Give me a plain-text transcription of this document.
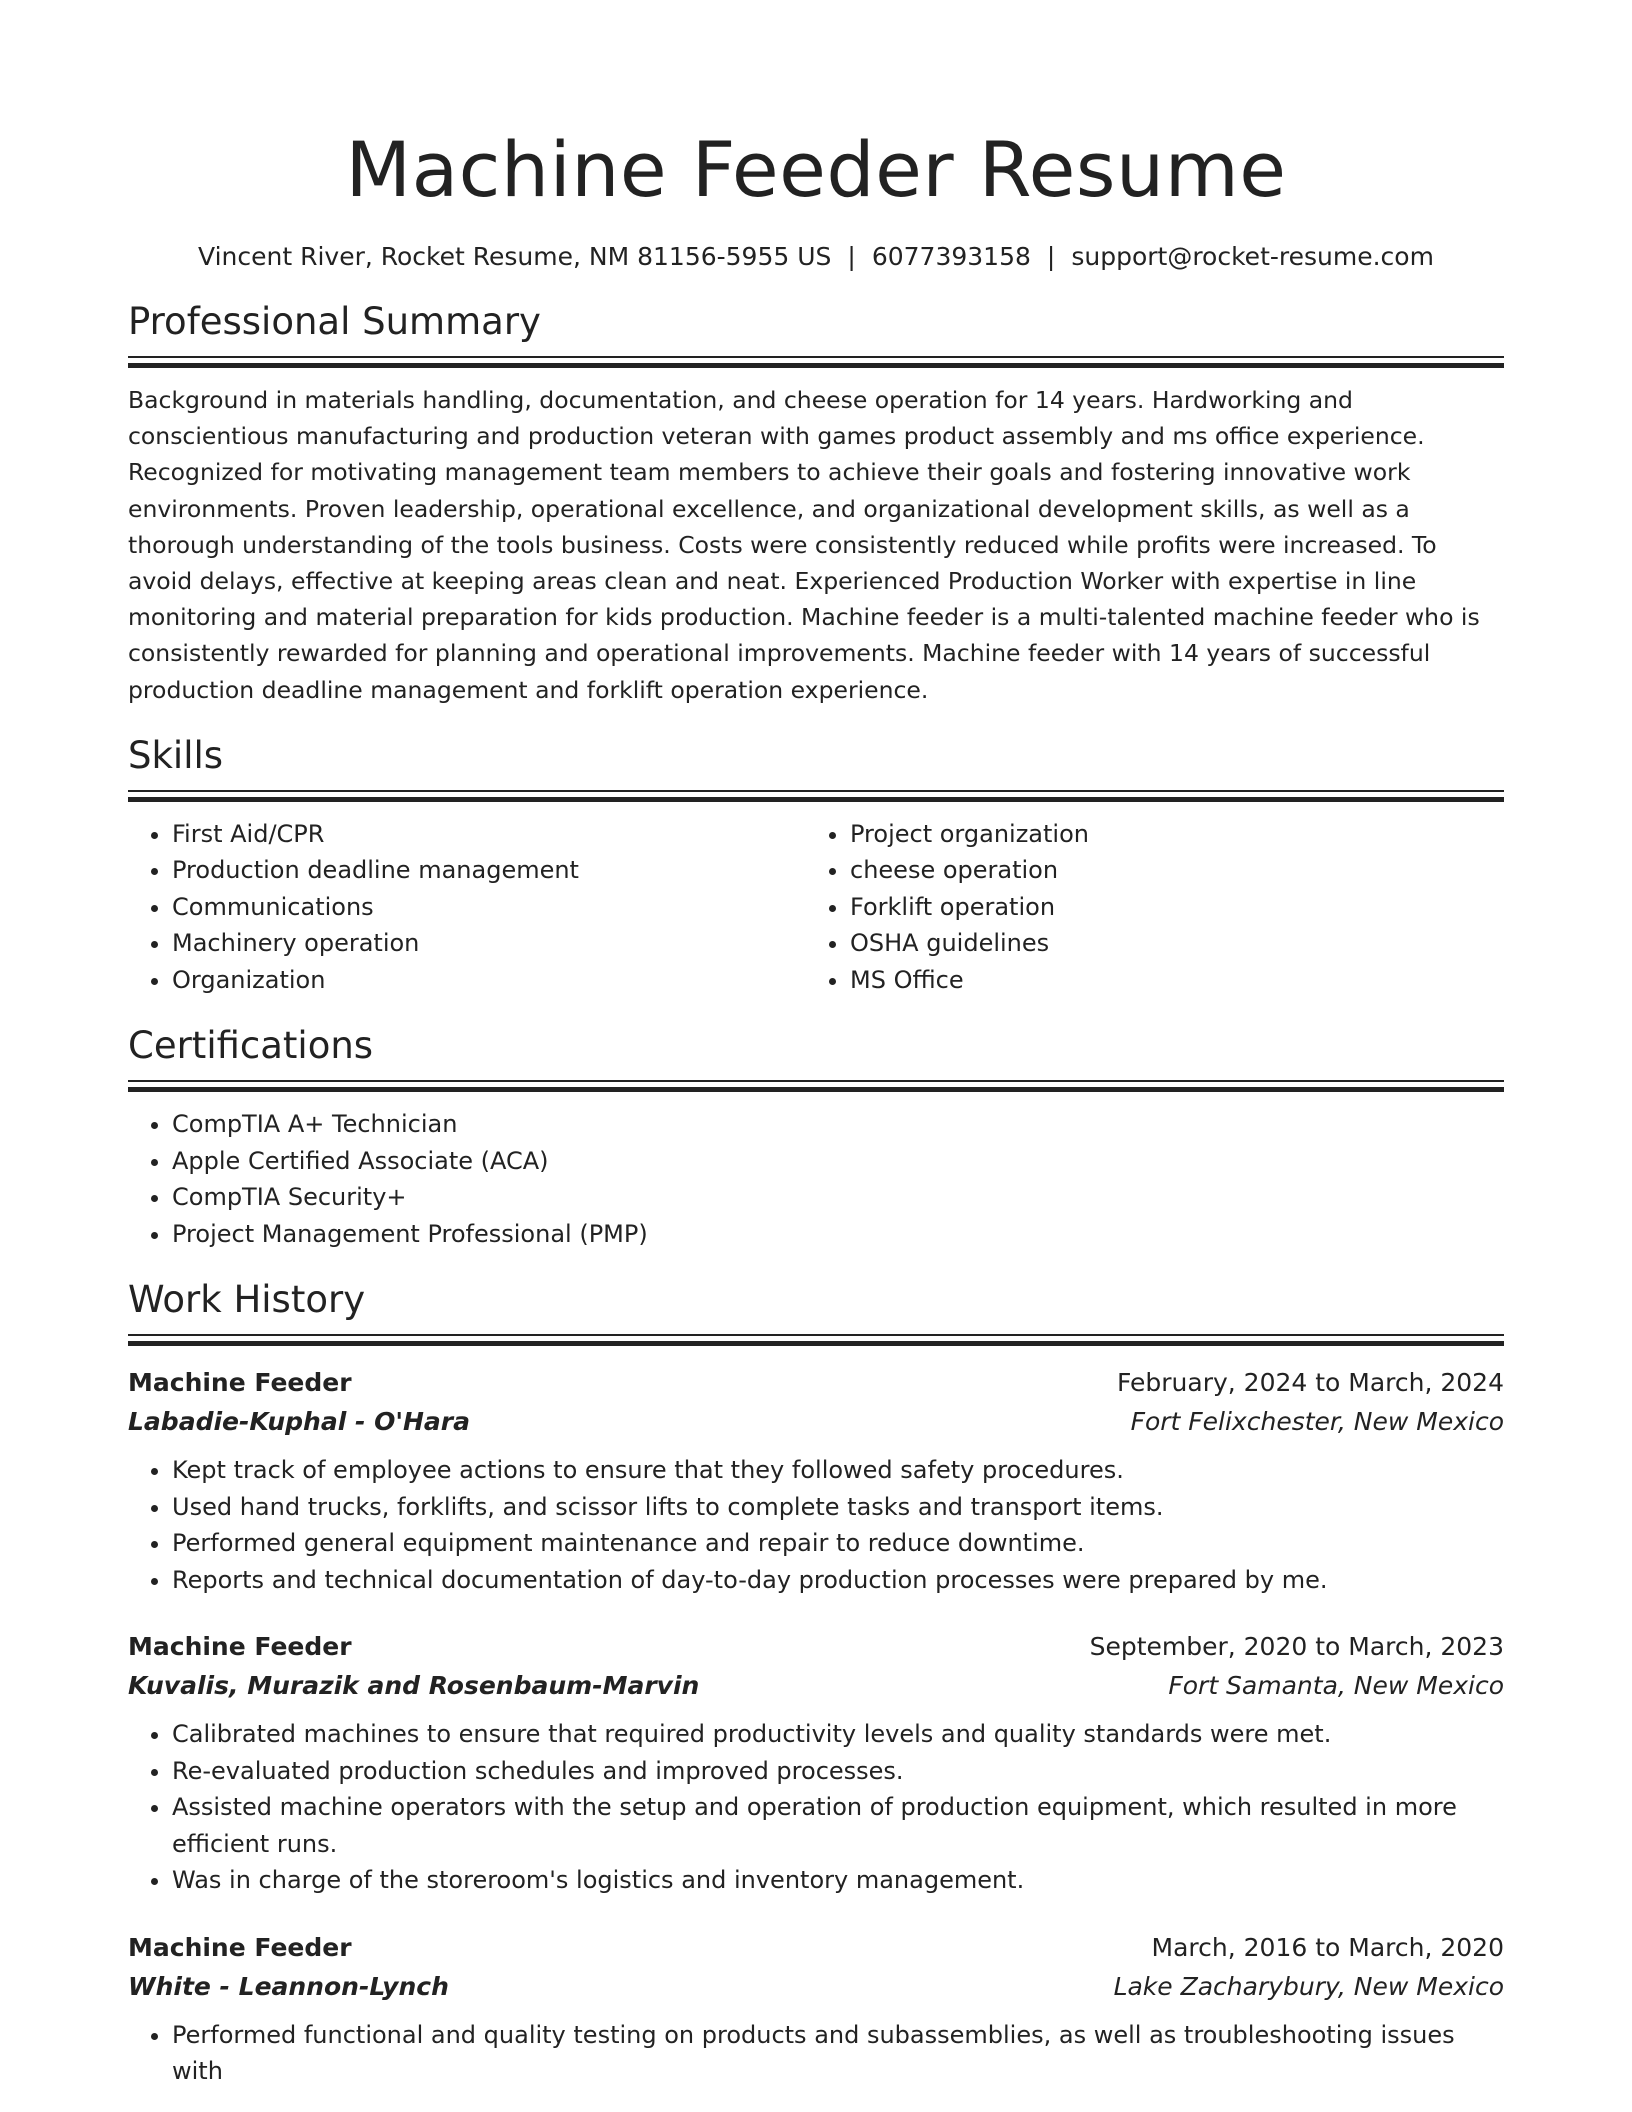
Machine Feeder Resume
Vincent River, Rocket Resume, NM 81156-5955 US | 6077393158 | support@rocket-resume.com
Professional Summary

Background in materials handling, documentation, and cheese operation for 14 years. Hardworking and conscientious manufacturing and production veteran with games product assembly and ms office experience. Recognized for motivating management team members to achieve their goals and fostering innovative work environments. Proven leadership, operational excellence, and organizational development skills, as well as a thorough understanding of the tools business. Costs were consistently reduced while profits were increased. To avoid delays, effective at keeping areas clean and neat. Experienced Production Worker with expertise in line monitoring and material preparation for kids production. Machine feeder is a multi-talented machine feeder who is consistently rewarded for planning and operational improvements. Machine feeder with 14 years of successful production deadline management and forklift operation experience.

Skills
• First Aid/CPR
• Production deadline management
• Communications
• Machinery operation
• Organization
• Project organization
• cheese operation
• Forklift operation
• OSHA guidelines
• MS Office
Certifications
• CompTIA A+ Technician
• Apple Certified Associate (ACA)
• CompTIA Security+
• Project Management Professional (PMP)
Work History
Machine Feeder	February, 2024 to March, 2024
Labadie-Kuphal - O'Hara	Fort Felixchester, New Mexico
• Kept track of employee actions to ensure that they followed safety procedures.
• Used hand trucks, forklifts, and scissor lifts to complete tasks and transport items.
• Performed general equipment maintenance and repair to reduce downtime.
• Reports and technical documentation of day-to-day production processes were prepared by me.
Machine Feeder	September, 2020 to March, 2023
Kuvalis, Murazik and Rosenbaum-Marvin	Fort Samanta, New Mexico
• Calibrated machines to ensure that required productivity levels and quality standards were met.
• Re-evaluated production schedules and improved processes.
• Assisted machine operators with the setup and operation of production equipment, which resulted in more efficient runs.
• Was in charge of the storeroom's logistics and inventory management.
Machine Feeder	March, 2016 to March, 2020
White - Leannon-Lynch	Lake Zacharybury, New Mexico
• Performed functional and quality testing on products and subassemblies, as well as troubleshooting issues with
